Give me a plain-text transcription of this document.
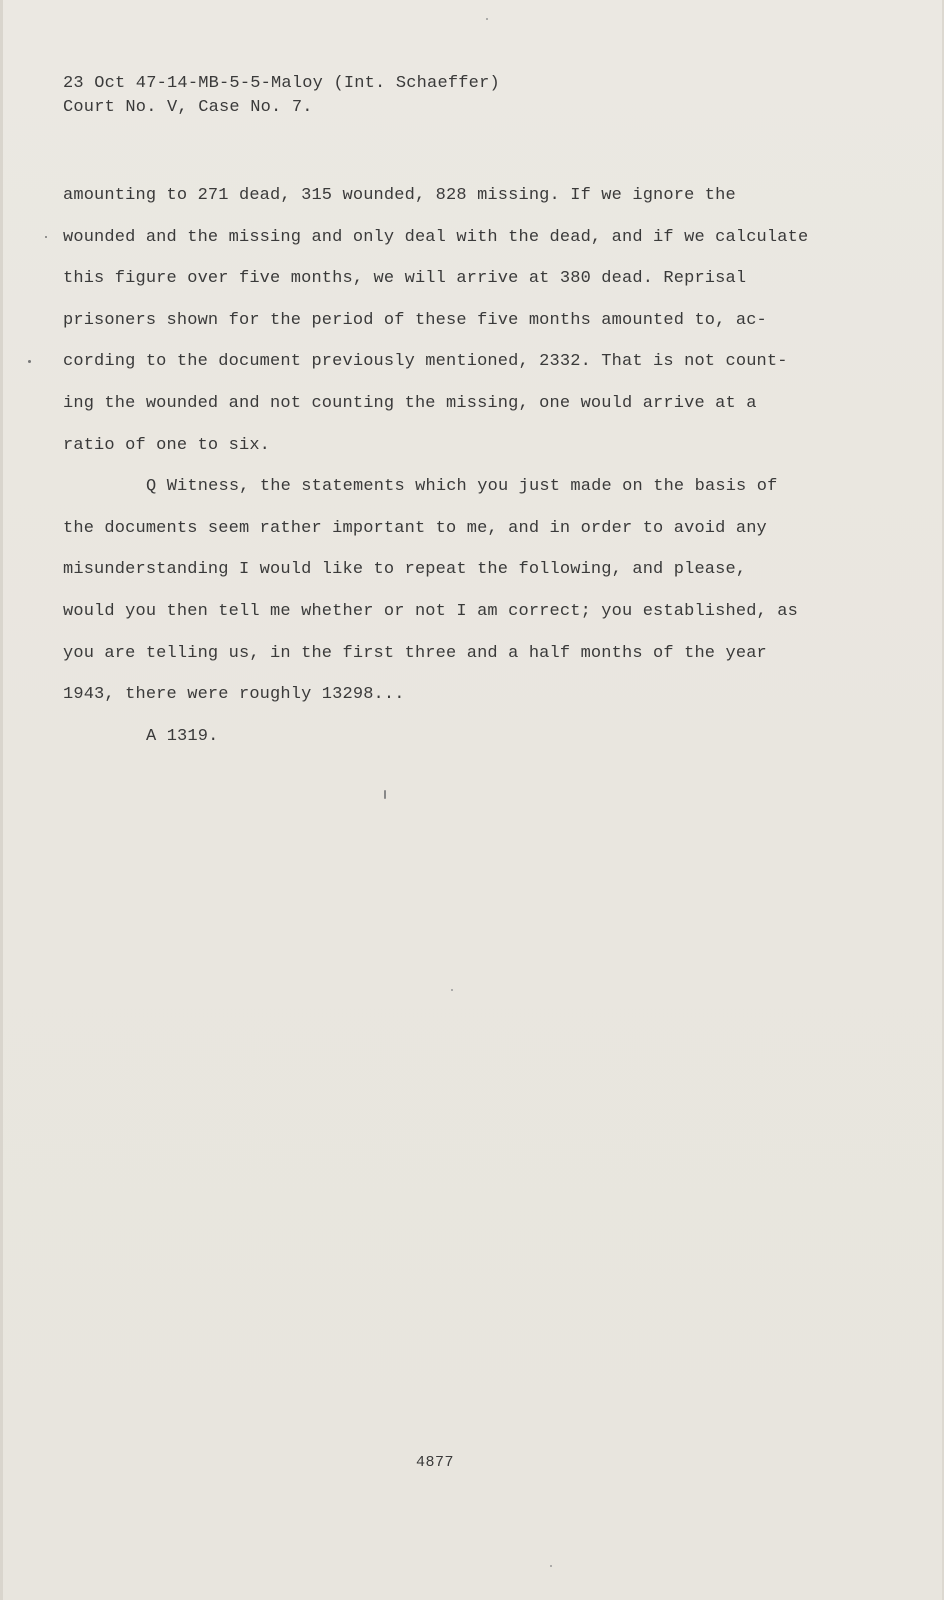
23 Oct 47-14-MB-5-5-Maloy (Int. Schaeffer)
Court No. V, Case No. 7.
amounting to 271 dead, 315 wounded, 828 missing. If we ignore the
wounded and the missing and only deal with the dead, and if we calculate
this figure over five months, we will arrive at 380 dead. Reprisal
prisoners shown for the period of these five months amounted to, ac-
cording to the document previously mentioned, 2332. That is not count-
ing the wounded and not counting the missing, one would arrive at a
ratio of one to six.
Q Witness, the statements which you just made on the basis of
the documents seem rather important to me, and in order to avoid any
misunderstanding I would like to repeat the following, and please,
would you then tell me whether or not I am correct; you established, as
you are telling us, in the first three and a half months of the year
1943, there were roughly 13298...
A 1319.
4877
